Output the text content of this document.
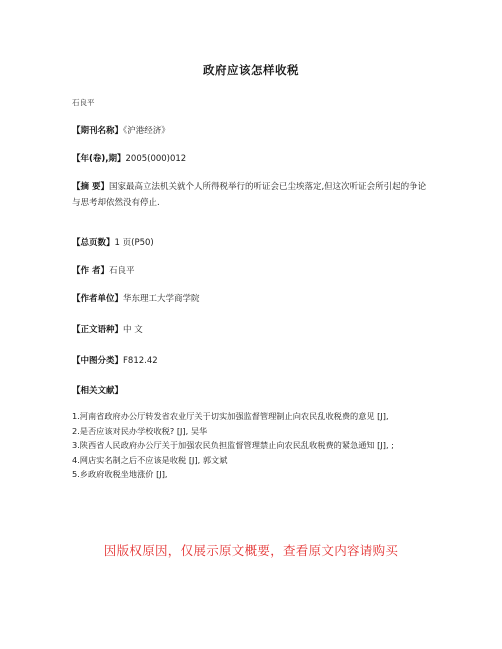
政府应该怎样收税
石良平
【期刊名称】《沪港经济》
【年(卷),期】2005(000)012
【摘 要】国家最高立法机关就个人所得税举行的听证会已尘埃落定,但这次听证会所引起的争论与思考却依然没有停止.
【总页数】1 页(P50)
【作 者】石良平
【作者单位】华东理工大学商学院
【正文语种】中 文
【中图分类】F812.42
【相关文献】
1.河南省政府办公厅转发省农业厅关于切实加强监督管理制止向农民乱收税费的意见 [J],
2.是否应该对民办学校收税? [J], 吴华
3.陕西省人民政府办公厅关于加强农民负担监督管理禁止向农民乱收税费的紧急通知 [J], ;
4.网店实名制之后不应该是收税 [J], 郭文斌
5.乡政府收税坐地涨价 [J],
因版权原因，仅展示原文概要，查看原文内容请购买
